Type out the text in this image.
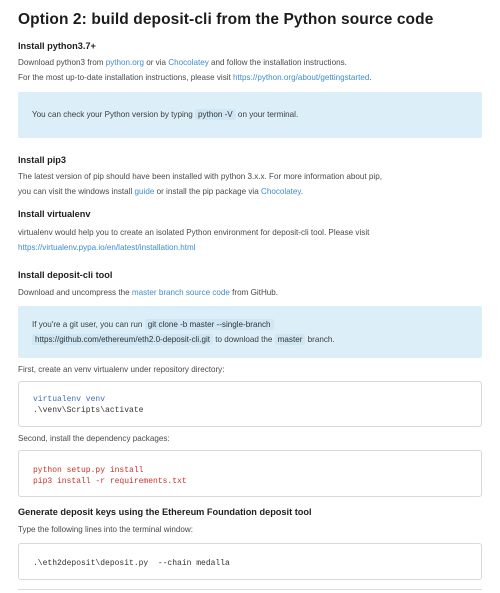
Option 2: build deposit-cli from the Python source code
Install python3.7+

Download python3 from python.org or via Chocolatey and follow the installation instructions.
For the most up-to-date installation instructions, please visit https://python.org/about/gettingstarted.

You can check your Python version by typing python -V on your terminal.
Install pip3

The latest version of pip should have been installed with python 3.x.x. For more information about pip,
you can visit the windows install guide or install the pip package via Chocolatey.

Install virtualenv

virtualenv would help you to create an isolated Python environment for deposit-cli tool. Please visit
https://virtualenv.pypa.io/en/latest/installation.html

Install deposit-cli tool

Download and uncompress the master branch source code from GitHub.

If you're a git user, you can run git clone -b master --single-branch
https://github.com/ethereum/eth2.0-deposit-cli.git to download the master branch.

First, create an venv virtualenv under repository directory:

virtualenv venv
.\venv\Scripts\activate

Second, install the dependency packages:

python setup.py install
pip3 install -r requirements.txt
Generate deposit keys using the Ethereum Foundation deposit tool

Type the following lines into the terminal window:

.\eth2deposit\deposit.py  --chain medalla
